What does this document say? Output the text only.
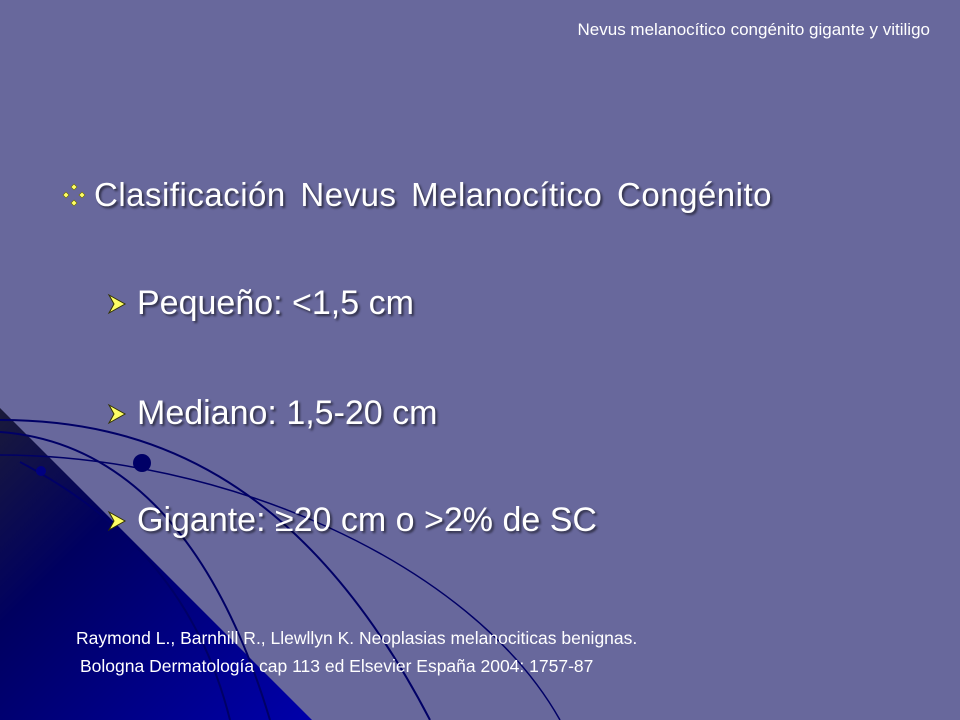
Nevus melanocítico congénito gigante y vitiligo
Clasificación Nevus Melanocítico Congénito
Pequeño: <1,5 cm
Mediano: 1,5-20 cm
Gigante: ≥20 cm o >2% de SC
Raymond L., Barnhill R., Llewllyn K. Neoplasias melanociticas benignas.
Bologna Dermatología cap 113 ed Elsevier España 2004: 1757-87
